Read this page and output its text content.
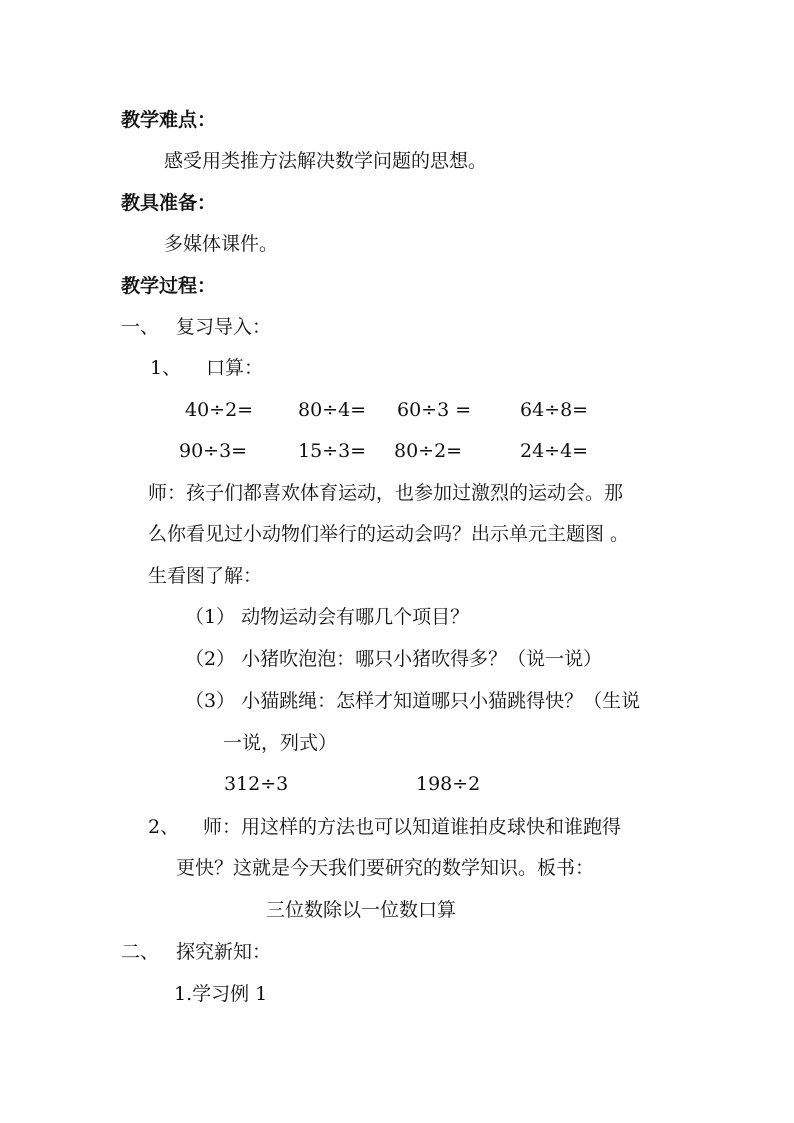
教学难点：
感受用类推方法解决数学问题的思想。
教具准备：
多媒体课件。
教学过程：
一、 复习导入：
1、 口算：
40÷2= 80÷4= 60÷3 =	64÷8=
90÷3=	15÷3= 80÷2=	24÷4=
师：孩子们都喜欢体育运动，也参加过激烈的运动会。那
么你看见过小动物们举行的运动会吗？出示单元主题图 。
生看图了解：
（1） 动物运动会有哪几个项目？
（2） 小猪吹泡泡：哪只小猪吹得多？（说一说）
（3） 小猫跳绳：怎样才知道哪只小猫跳得快？（生说
一说，列式）
312÷3	198÷2
2、 师：用这样的方法也可以知道谁拍皮球快和谁跑得
更快？这就是今天我们要研究的数学知识。板书：
三位数除以一位数口算
二、 探究新知：
1.学习例 1
